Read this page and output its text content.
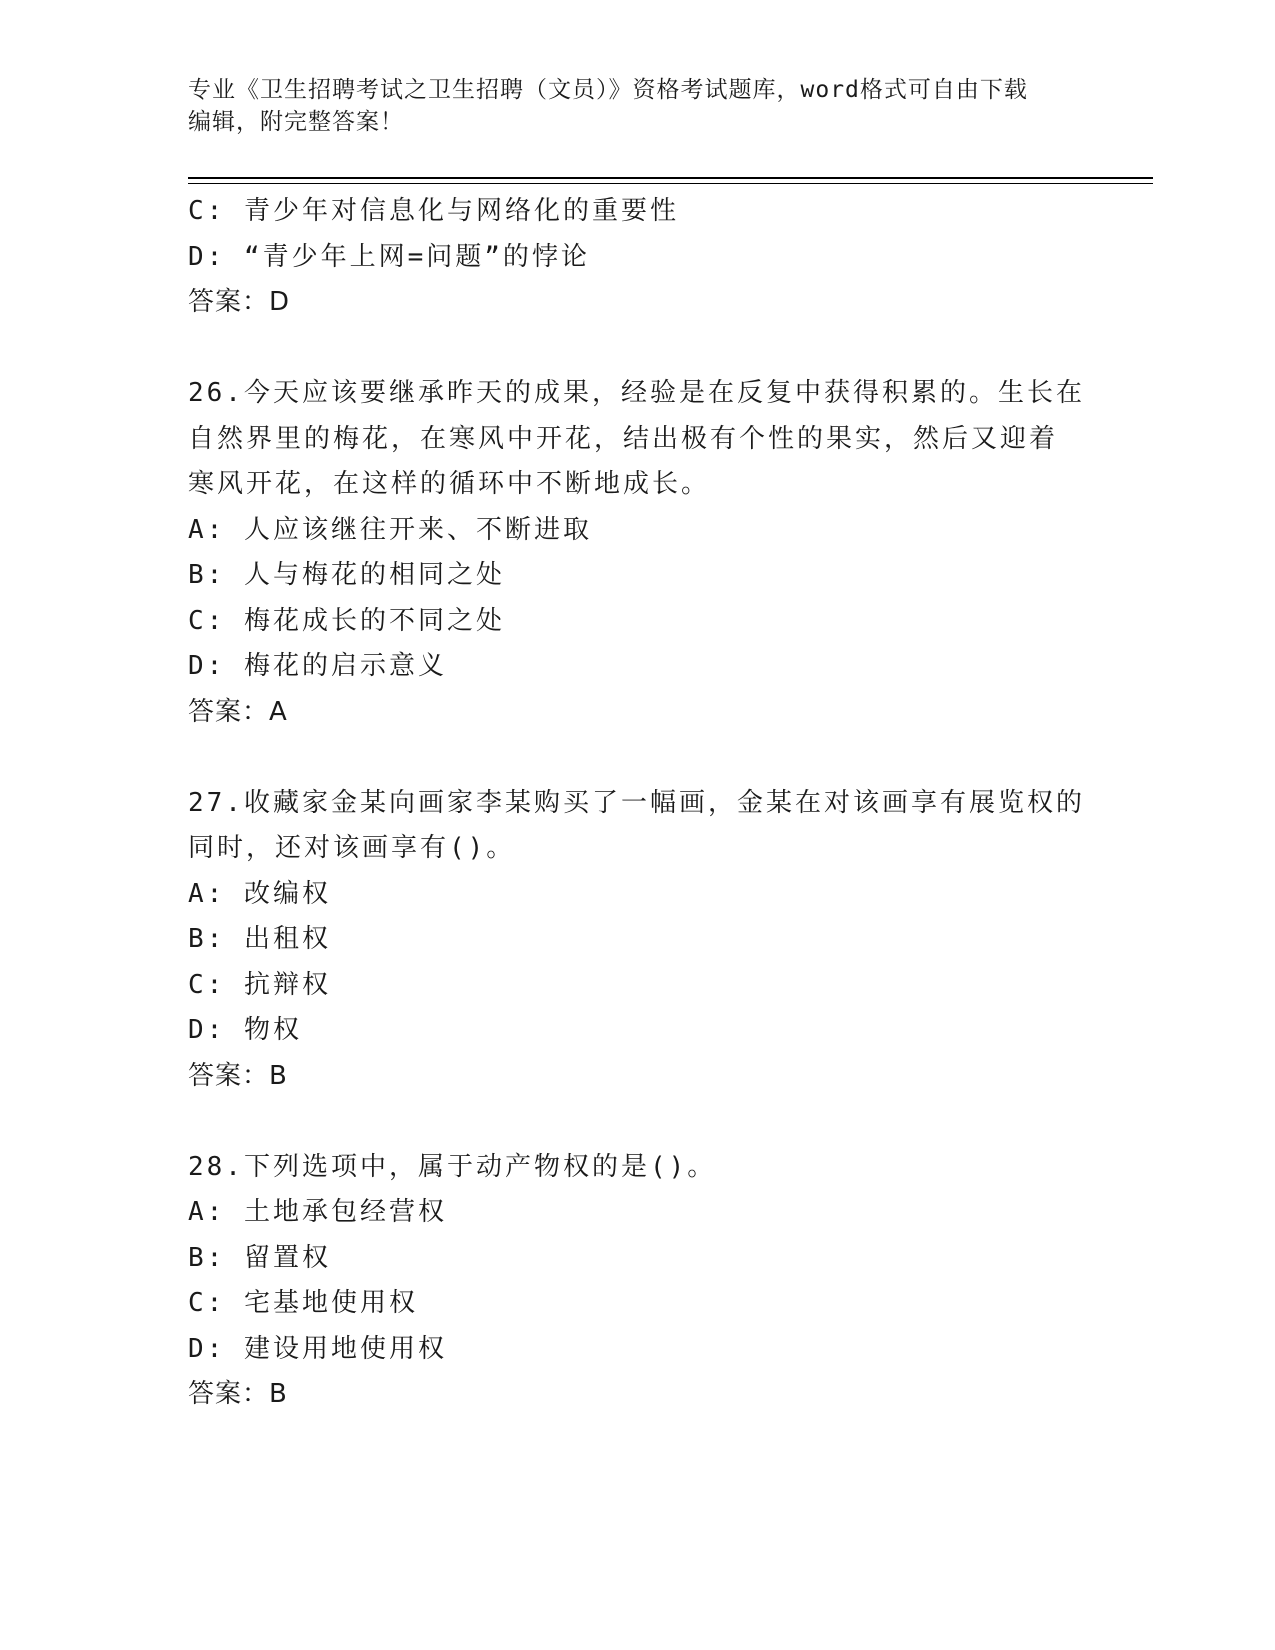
专业《卫生招聘考试之卫生招聘（文员）》资格考试题库，word格式可自由下载
编辑，附完整答案！
C: 青少年对信息化与网络化的重要性
D: “青少年上网=问题”的悖论
答案：D
26.今天应该要继承昨天的成果，经验是在反复中获得积累的。生长在
自然界里的梅花，在寒风中开花，结出极有个性的果实，然后又迎着
寒风开花，在这样的循环中不断地成长。
A: 人应该继往开来、不断进取
B: 人与梅花的相同之处
C: 梅花成长的不同之处
D: 梅花的启示意义
答案：A
27.收藏家金某向画家李某购买了一幅画，金某在对该画享有展览权的
同时，还对该画享有()。
A: 改编权
B: 出租权
C: 抗辩权
D: 物权
答案：B
28.下列选项中，属于动产物权的是()。
A: 土地承包经营权
B: 留置权
C: 宅基地使用权
D: 建设用地使用权
答案：B
